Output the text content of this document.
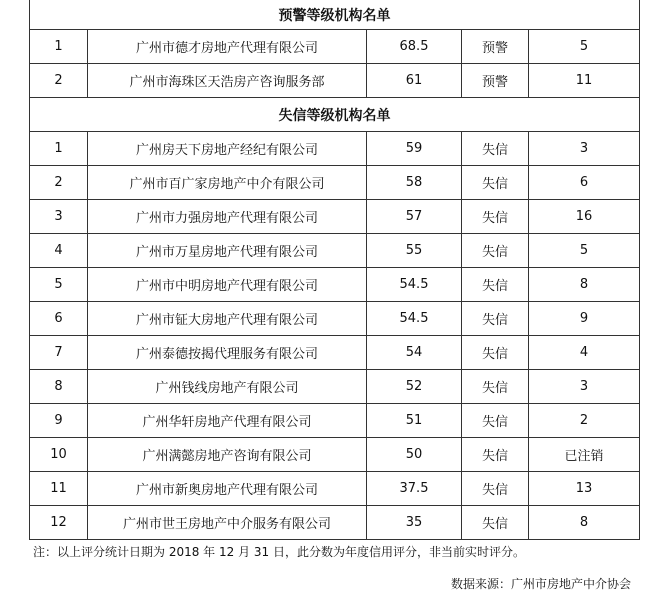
预警等级机构名单				
1	广州市德才房地产代理有限公司	68.5	预警	5
2	广州市海珠区天浩房产咨询服务部	61	预警	11
失信等级机构名单				
1	广州房天下房地产经纪有限公司	59	失信	3
2	广州市百广家房地产中介有限公司	58	失信	6
3	广州市力强房地产代理有限公司	57	失信	16
4	广州市万星房地产代理有限公司	55	失信	5
5	广州市中明房地产代理有限公司	54.5	失信	8
6	广州市钲大房地产代理有限公司	54.5	失信	9
7	广州泰德按揭代理服务有限公司	54	失信	4
8	广州钱线房地产有限公司	52	失信	3
9	广州华轩房地产代理有限公司	51	失信	2
10	广州满懿房地产咨询有限公司	50	失信	已注销
11	广州市新奥房地产代理有限公司	37.5	失信	13
12	广州市世王房地产中介服务有限公司	35	失信	8
注：以上评分统计日期为 2018 年 12 月 31 日，此分数为年度信用评分，非当前实时评分。
数据来源：广州市房地产中介协会
